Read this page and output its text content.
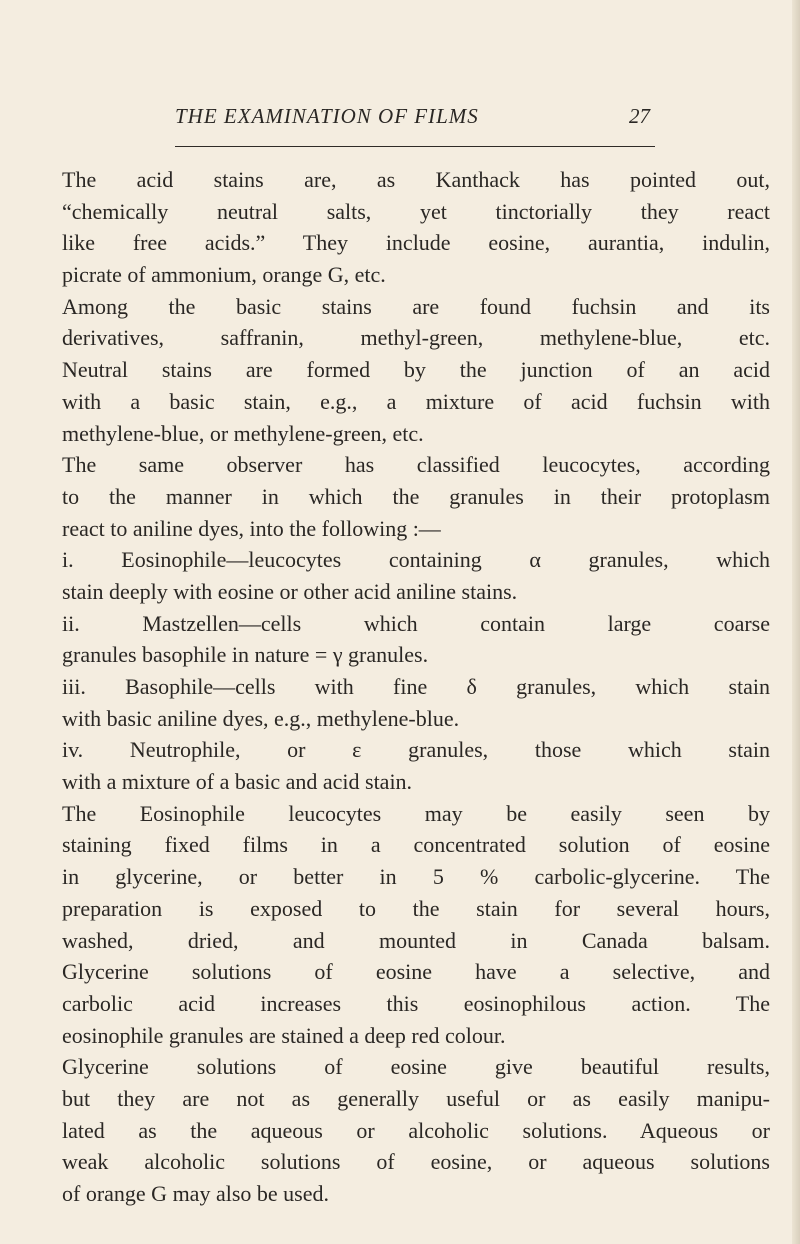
THE EXAMINATION OF FILMS	27
The acid stains are, as Kanthack has pointed out,
“chemically neutral salts, yet tinctorially they react
like free acids.” They include eosine, aurantia, indulin,
picrate of ammonium, orange G, etc.
Among the basic stains are found fuchsin and its
derivatives, saffranin, methyl-green, methylene-blue, etc.
Neutral stains are formed by the junction of an acid
with a basic stain, e.g., a mixture of acid fuchsin with
methylene-blue, or methylene-green, etc.
The same observer has classified leucocytes, according
to the manner in which the granules in their protoplasm
react to aniline dyes, into the following :—
i. Eosinophile—leucocytes containing α granules, which
stain deeply with eosine or other acid aniline stains.
ii. Mastzellen—cells which contain large coarse
granules basophile in nature = γ granules.
iii. Basophile—cells with fine δ granules, which stain
with basic aniline dyes, e.g., methylene-blue.
iv. Neutrophile, or ε granules, those which stain
with a mixture of a basic and acid stain.
The Eosinophile leucocytes may be easily seen by
staining fixed films in a concentrated solution of eosine
in glycerine, or better in 5 % carbolic-glycerine. The
preparation is exposed to the stain for several hours,
washed, dried, and mounted in Canada balsam.
Glycerine solutions of eosine have a selective, and
carbolic acid increases this eosinophilous action. The
eosinophile granules are stained a deep red colour.
Glycerine solutions of eosine give beautiful results,
but they are not as generally useful or as easily manipu-
lated as the aqueous or alcoholic solutions. Aqueous or
weak alcoholic solutions of eosine, or aqueous solutions
of orange G may also be used.
